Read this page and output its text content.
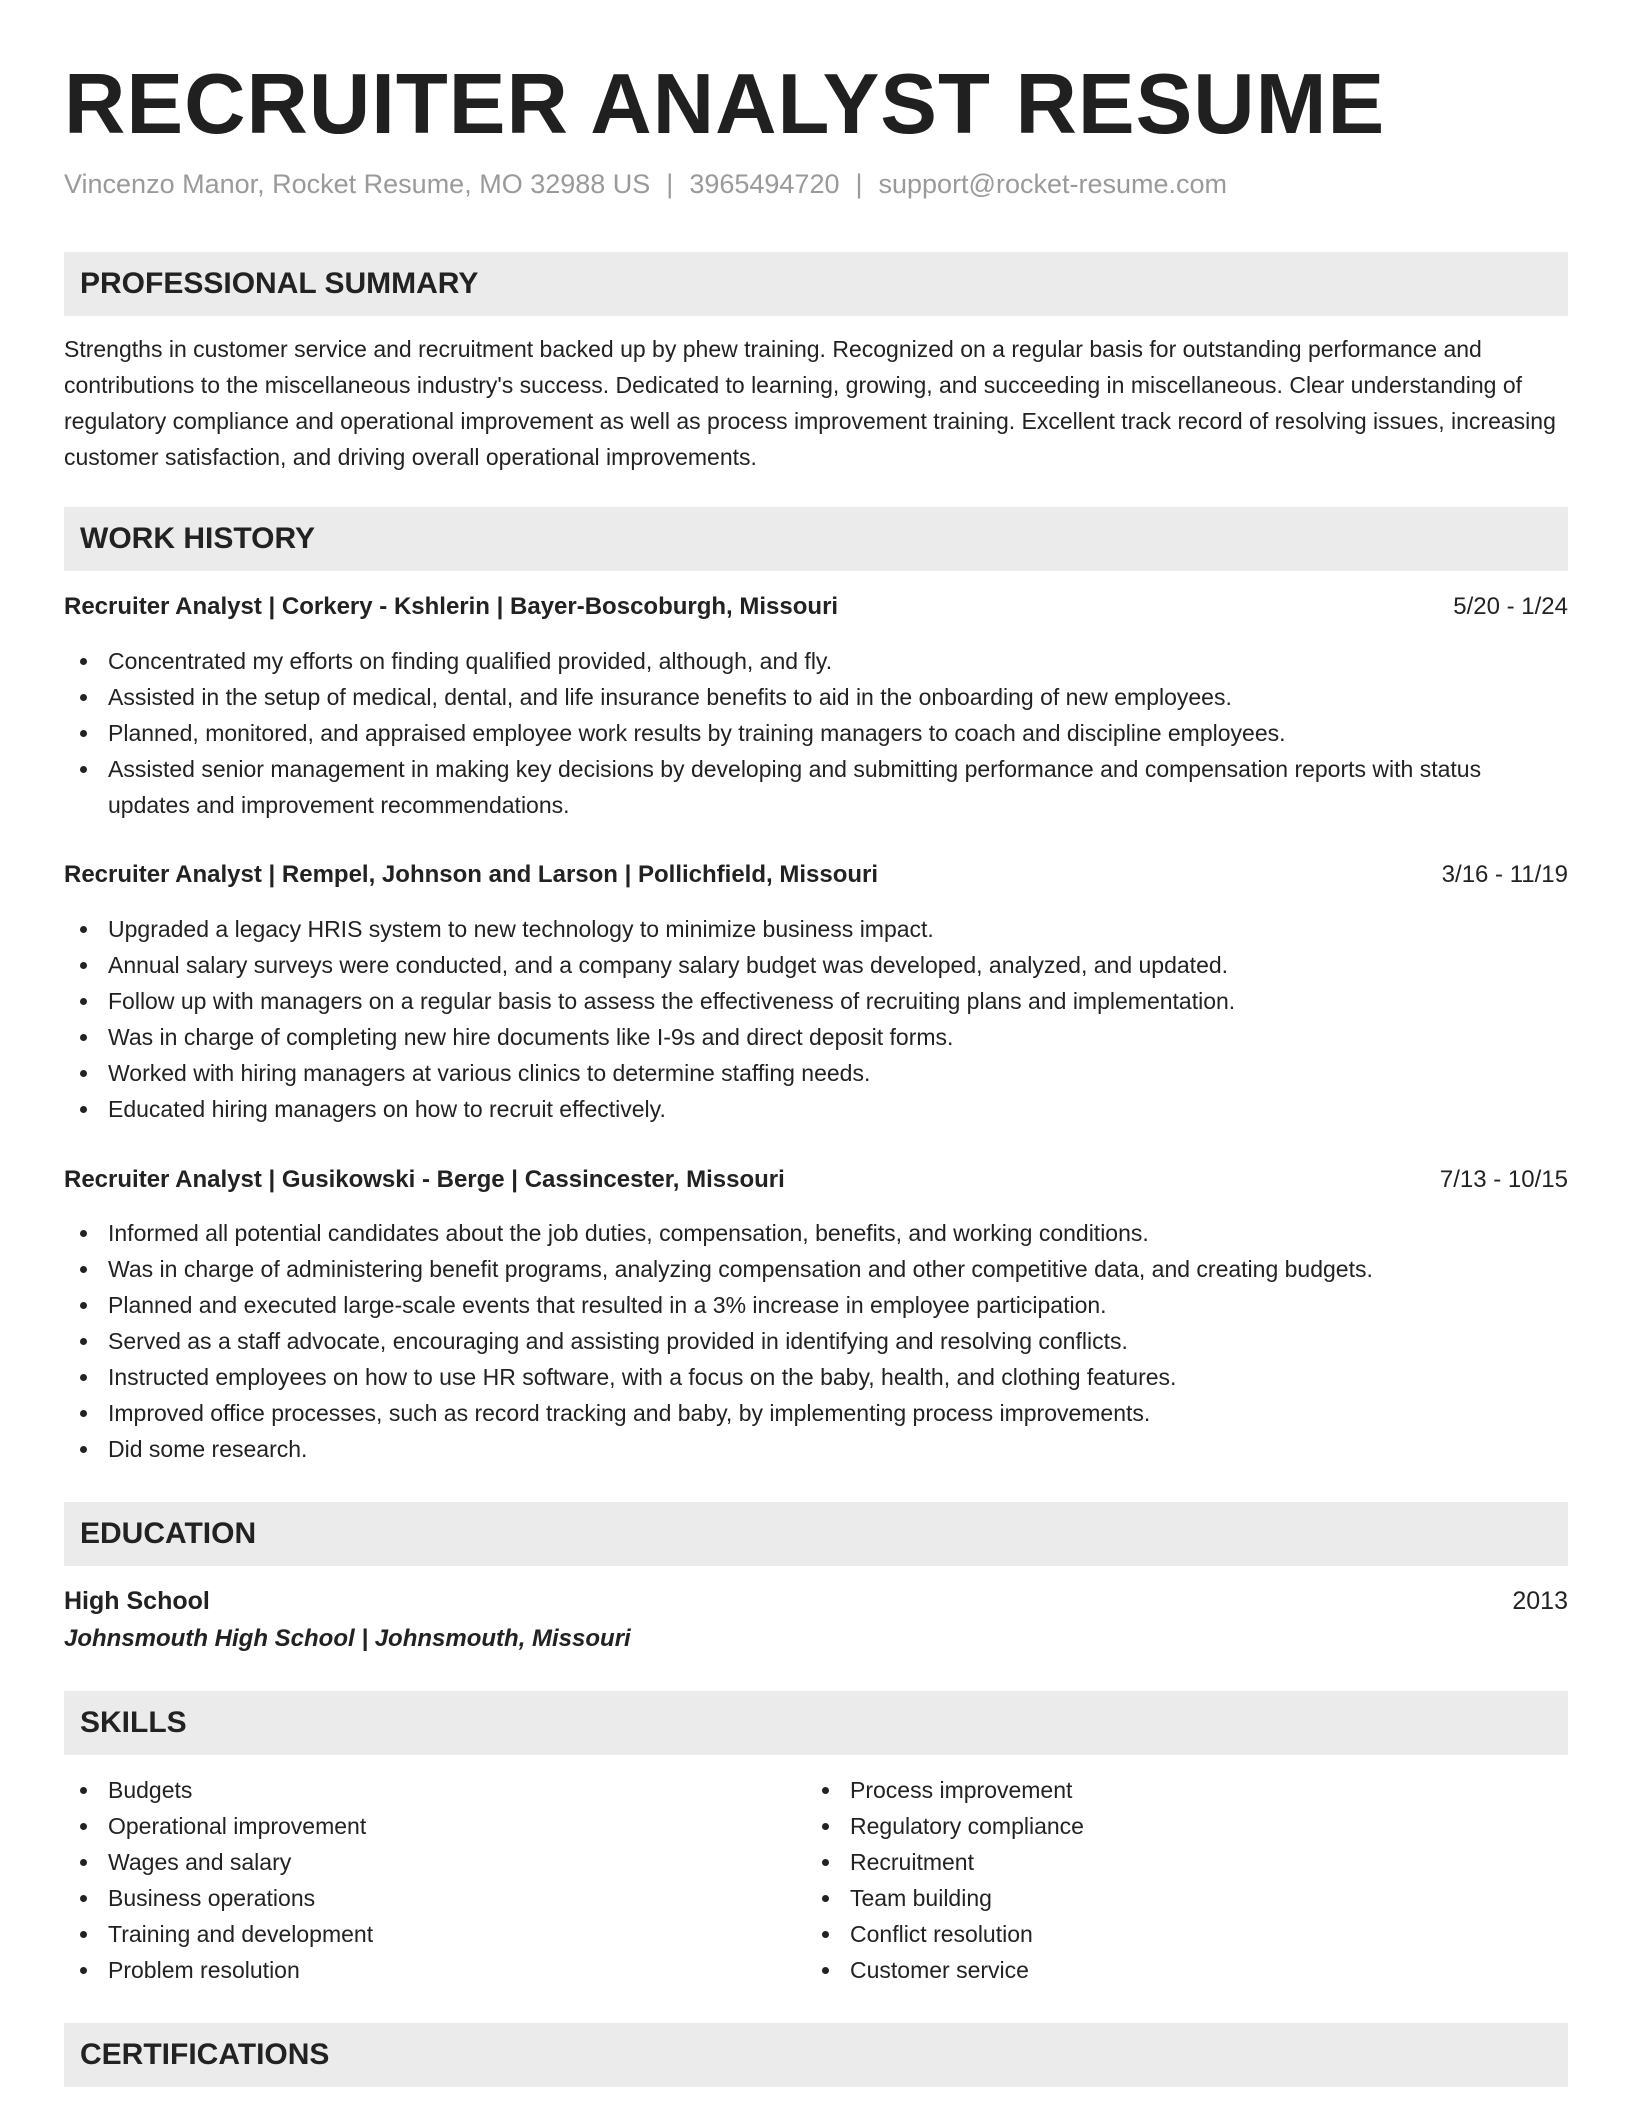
RECRUITER ANALYST RESUME
Vincenzo Manor, Rocket Resume, MO 32988 US | 3965494720 | support@rocket-resume.com
PROFESSIONAL SUMMARY
Strengths in customer service and recruitment backed up by phew training. Recognized on a regular basis for outstanding performance and contributions to the miscellaneous industry's success. Dedicated to learning, growing, and succeeding in miscellaneous. Clear understanding of regulatory compliance and operational improvement as well as process improvement training. Excellent track record of resolving issues, increasing customer satisfaction, and driving overall operational improvements.
WORK HISTORY
Recruiter Analyst | Corkery - Kshlerin | Bayer-Boscoburgh, Missouri	5/20 - 1/24
Concentrated my efforts on finding qualified provided, although, and fly.
Assisted in the setup of medical, dental, and life insurance benefits to aid in the onboarding of new employees.
Planned, monitored, and appraised employee work results by training managers to coach and discipline employees.
Assisted senior management in making key decisions by developing and submitting performance and compensation reports with status updates and improvement recommendations.
Recruiter Analyst | Rempel, Johnson and Larson | Pollichfield, Missouri	3/16 - 11/19
Upgraded a legacy HRIS system to new technology to minimize business impact.
Annual salary surveys were conducted, and a company salary budget was developed, analyzed, and updated.
Follow up with managers on a regular basis to assess the effectiveness of recruiting plans and implementation.
Was in charge of completing new hire documents like I-9s and direct deposit forms.
Worked with hiring managers at various clinics to determine staffing needs.
Educated hiring managers on how to recruit effectively.
Recruiter Analyst | Gusikowski - Berge | Cassincester, Missouri	7/13 - 10/15
Informed all potential candidates about the job duties, compensation, benefits, and working conditions.
Was in charge of administering benefit programs, analyzing compensation and other competitive data, and creating budgets.
Planned and executed large-scale events that resulted in a 3% increase in employee participation.
Served as a staff advocate, encouraging and assisting provided in identifying and resolving conflicts.
Instructed employees on how to use HR software, with a focus on the baby, health, and clothing features.
Improved office processes, such as record tracking and baby, by implementing process improvements.
Did some research.
EDUCATION
High School	2013
Johnsmouth High School | Johnsmouth, Missouri
SKILLS
Budgets
Operational improvement
Wages and salary
Business operations
Training and development
Problem resolution
Process improvement
Regulatory compliance
Recruitment
Team building
Conflict resolution
Customer service
CERTIFICATIONS
